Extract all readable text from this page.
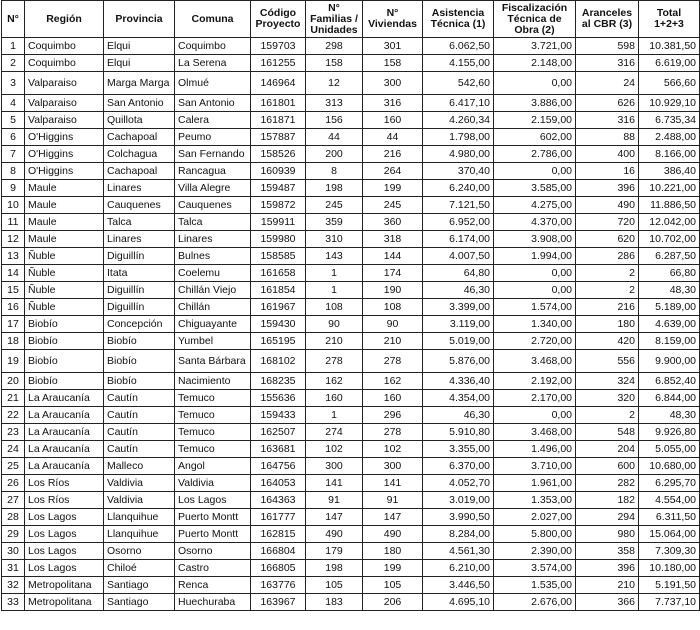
N°	Región	Provincia	Comuna	Código Proyecto	N° Familias / Unidades	N° Viviendas	Asistencia Técnica (1)	Fiscalización Técnica de Obra (2)	Aranceles al CBR (3)	Total 1+2+3
1	Coquimbo	Elqui	Coquimbo	159703	298	301	6.062,50	3.721,00	598	10.381,50
2	Coquimbo	Elqui	La Serena	161255	158	158	4.155,00	2.148,00	316	6.619,00
3	Valparaiso	Marga Marga	Olmué	146964	12	300	542,60	0,00	24	566,60
4	Valparaiso	San Antonio	San Antonio	161801	313	316	6.417,10	3.886,00	626	10.929,10
5	Valparaiso	Quillota	Calera	161871	156	160	4.260,34	2.159,00	316	6.735,34
6	O'Higgins	Cachapoal	Peumo	157887	44	44	1.798,00	602,00	88	2.488,00
7	O'Higgins	Colchagua	San Fernando	158526	200	216	4.980,00	2.786,00	400	8.166,00
8	O'Higgins	Cachapoal	Rancagua	160939	8	264	370,40	0,00	16	386,40
9	Maule	Linares	Villa Alegre	159487	198	199	6.240,00	3.585,00	396	10.221,00
10	Maule	Cauquenes	Cauquenes	159872	245	245	7.121,50	4.275,00	490	11.886,50
11	Maule	Talca	Talca	159911	359	360	6.952,00	4.370,00	720	12.042,00
12	Maule	Linares	Linares	159980	310	318	6.174,00	3.908,00	620	10.702,00
13	Ñuble	Diguillín	Bulnes	158585	143	144	4.007,50	1.994,00	286	6.287,50
14	Ñuble	Itata	Coelemu	161658	1	174	64,80	0,00	2	66,80
15	Ñuble	Diguillín	Chillán Viejo	161854	1	190	46,30	0,00	2	48,30
16	Ñuble	Diguillín	Chillán	161967	108	108	3.399,00	1.574,00	216	5.189,00
17	Biobío	Concepción	Chiguayante	159430	90	90	3.119,00	1.340,00	180	4.639,00
18	Biobío	Biobío	Yumbel	165195	210	210	5.019,00	2.720,00	420	8.159,00
19	Biobío	Biobío	Santa Bárbara	168102	278	278	5.876,00	3.468,00	556	9.900,00
20	Biobío	Biobío	Nacimiento	168235	162	162	4.336,40	2.192,00	324	6.852,40
21	La Araucanía	Cautín	Temuco	155636	160	160	4.354,00	2.170,00	320	6.844,00
22	La Araucanía	Cautín	Temuco	159433	1	296	46,30	0,00	2	48,30
23	La Araucanía	Cautín	Temuco	162507	274	278	5.910,80	3.468,00	548	9.926,80
24	La Araucanía	Cautín	Temuco	163681	102	102	3.355,00	1.496,00	204	5.055,00
25	La Araucanía	Malleco	Angol	164756	300	300	6.370,00	3.710,00	600	10.680,00
26	Los Ríos	Valdivia	Valdivia	164053	141	141	4.052,70	1.961,00	282	6.295,70
27	Los Ríos	Valdivia	Los Lagos	164363	91	91	3.019,00	1.353,00	182	4.554,00
28	Los Lagos	Llanquihue	Puerto Montt	161777	147	147	3.990,50	2.027,00	294	6.311,50
29	Los Lagos	Llanquihue	Puerto Montt	162815	490	490	8.284,00	5.800,00	980	15.064,00
30	Los Lagos	Osorno	Osorno	166804	179	180	4.561,30	2.390,00	358	7.309,30
31	Los Lagos	Chiloé	Castro	166805	198	199	6.210,00	3.574,00	396	10.180,00
32	Metropolitana	Santiago	Renca	163776	105	105	3.446,50	1.535,00	210	5.191,50
33	Metropolitana	Santiago	Huechuraba	163967	183	206	4.695,10	2.676,00	366	7.737,10
